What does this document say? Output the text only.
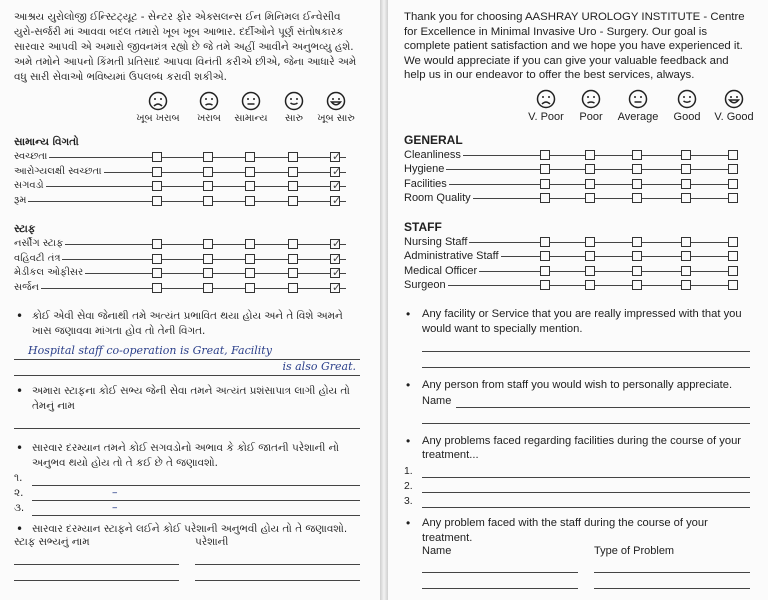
આશ્રય યુરોલોજી ઈન્સ્ટિટ્યૂટ - સેન્ટર ફોર એક્સલન્સ ઈન મિનિમલ ઈન્વેસીવ યુરો-સર્જરી માં આવવા બદલ તમારો ખૂબ ખૂબ આભાર. દર્દીઓને પૂર્ણ સંતોષકારક સારવાર આપવી એ અમારો જીવનમંત્ર રહ્યો છે જે તમે અહીં આવીને અનુભવ્યુ હશે. અમે તમોને આપનો કિંમતી પ્રતિસાદ આપવા વિનંતી કરીએ છીએ, જેના આધારે અમે વધુ સારી સેવાઓ ભવિષ્યમાં ઉપલબ્ધ કરાવી શકીએ.

ખૂબ ખરાબ	ખરાબ	સામાન્ય	સારુ	ખૂબ સારુ
સામાન્ય વિગતો
સ્વચ્છતા	✓
આરોગ્યલક્ષી સ્વચ્છતા	✓
સગવડો	✓
રૂમ	✓
સ્ટાફ
નર્સીંગ સ્ટાફ	✓
વહિવટી તંત્ર	✓
મેડીકલ ઓફીસર	✓
સર્જન	✓

• કોઈ એવી સેવા જેનાથી તમે અત્યંત પ્રભાવિત થયા હોય અને તે વિશે અમને ખાસ જણાવવા માંગતા હોવ તો તેની વિગત.

Hospital staff co-operation is Great, Facility
is also Great.

• અમારા સ્ટાફના કોઈ સભ્ય જેની સેવા તમને અત્યંત પ્રશંસાપાત્ર લાગી હોય તો તેમનું નામ

• સારવાર દરમ્યાન તમને કોઈ સગવડોનો અભાવ કે કોઈ જાતની પરેશાની નો અનુભવ થયો હોય તો તે કઈ છે તે જણાવશો.

૧.
૨.	–
૩.	–

• સારવાર દરમ્યાન સ્ટાફને લઈને કોઈ પરેશાની અનુભવી હોય તો તે જણાવશો.

સ્ટાફ સભ્યનું નામ	પરેશાની

Thank you for choosing AASHRAY UROLOGY INSTITUTE - Centre for Excellence in Minimal Invasive Uro - Surgery. Our goal is complete patient satisfaction and we hope you have experienced it. We would appreciate if you can give your valuable feedback and help us in our endeavor to offer the best services, always.

V. Poor	Poor	Average	Good	V. Good
GENERAL
Cleanliness
Hygiene
Facilities
Room Quality
STAFF
Nursing Staff
Administrative Staff
Medical Officer
Surgeon

• Any facility or Service that you are really impressed with that you would want to specially mention.

• Any person from staff you would wish to personally appreciate.

Name

• Any problems faced regarding facilities during the course of your treatment...

1.
2.
3.

• Any problem faced with the staff during the course of your treatment.

Name	Type of Problem
